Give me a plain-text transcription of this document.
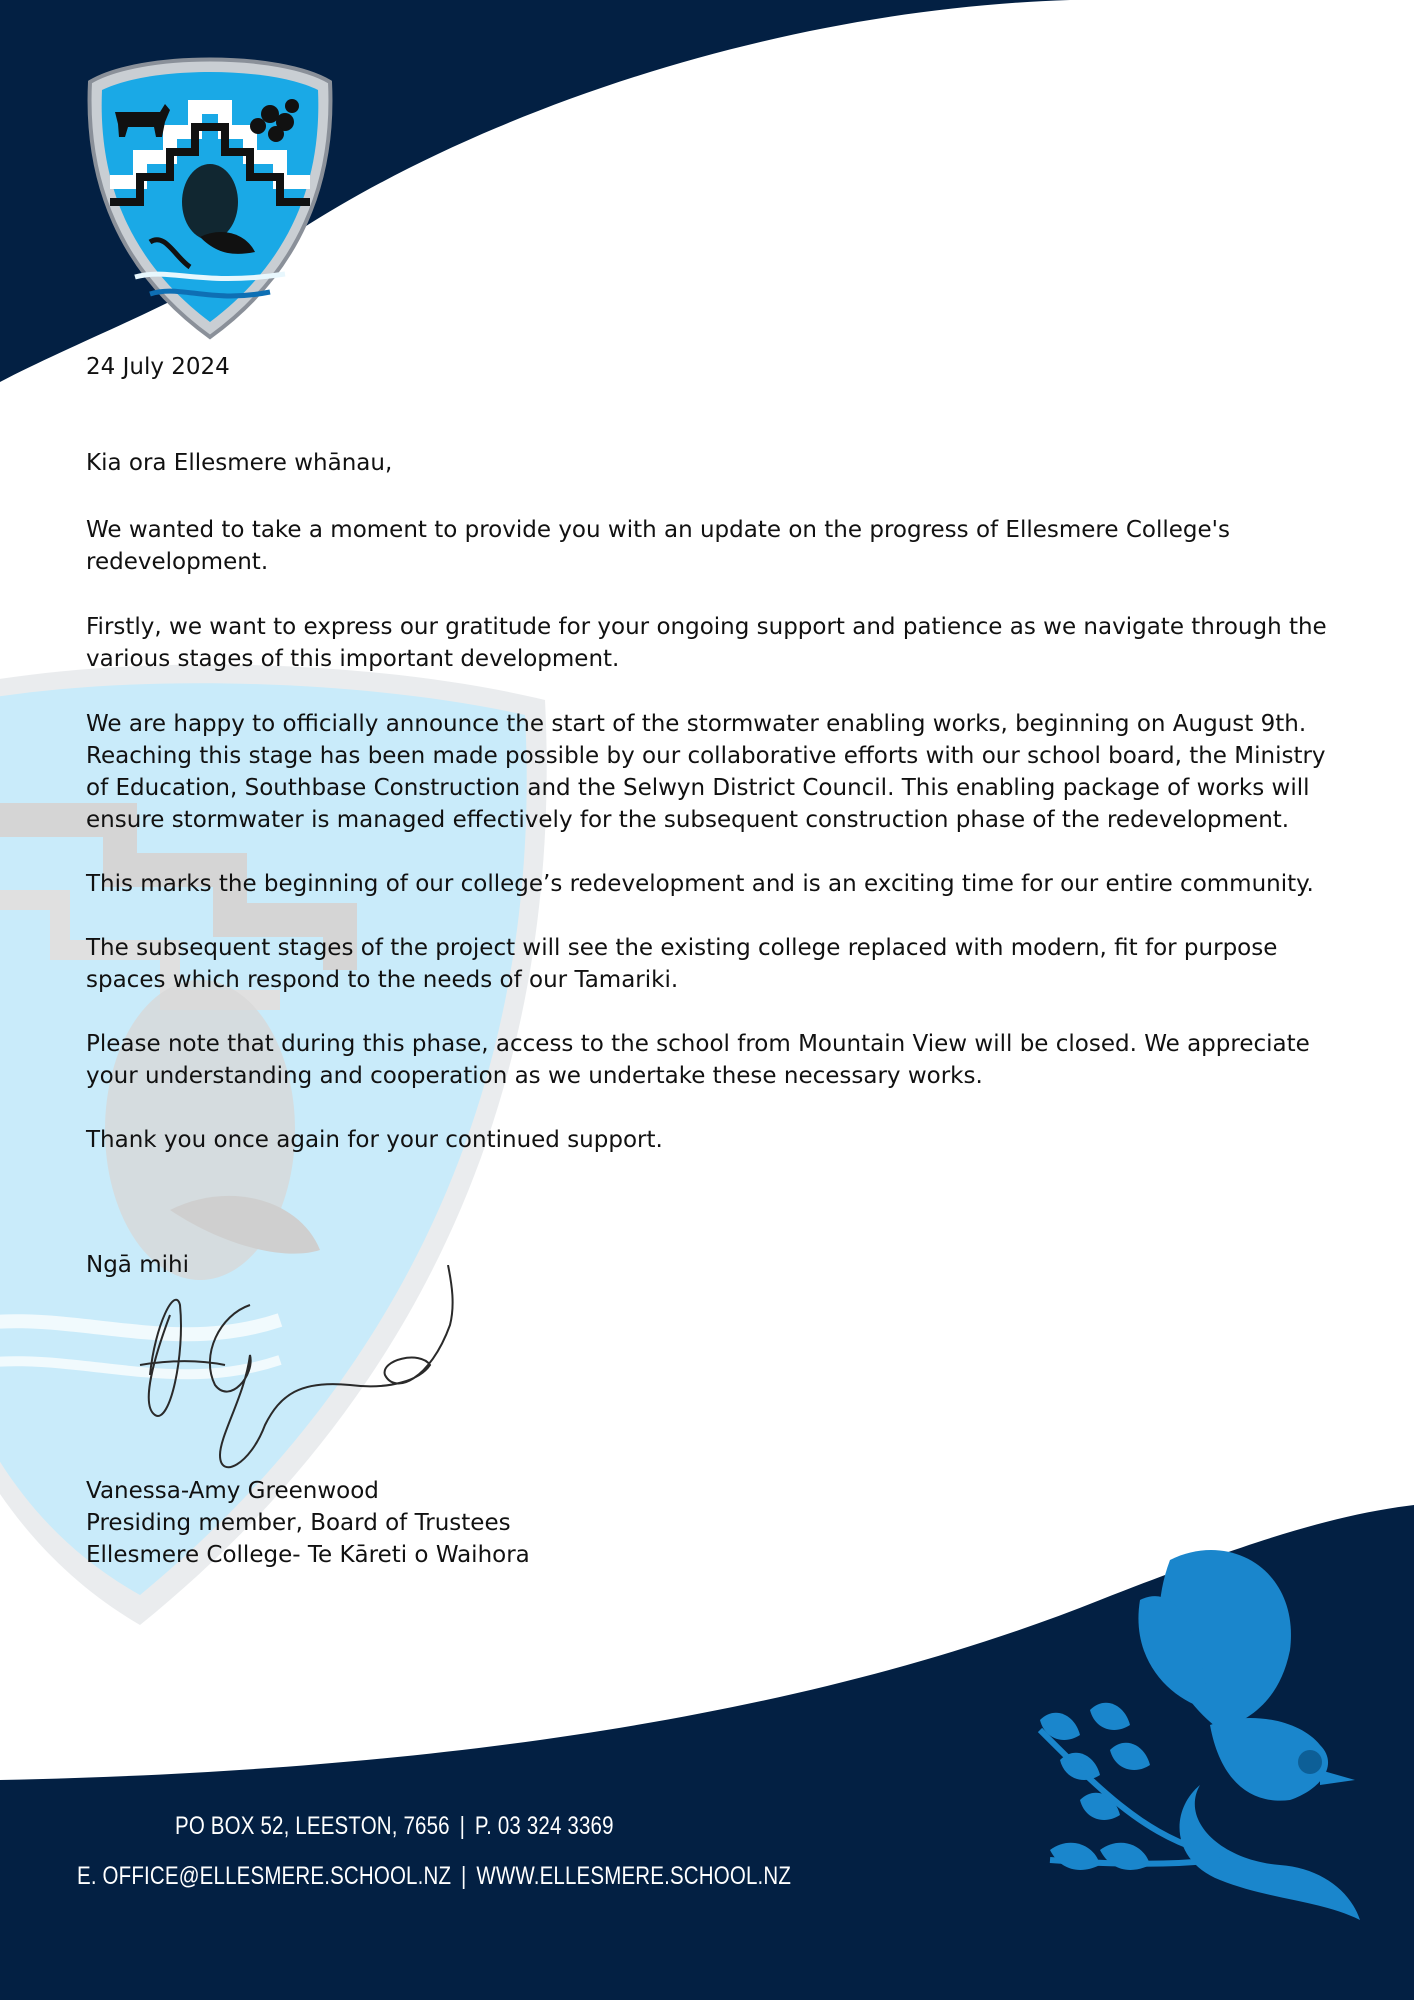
24 July 2024
Kia ora Ellesmere whānau,

We wanted to take a moment to provide you with an update on the progress of Ellesmere College's redevelopment.

Firstly, we want to express our gratitude for your ongoing support and patience as we navigate through the various stages of this important development.

We are happy to officially announce the start of the stormwater enabling works, beginning on August 9th. Reaching this stage has been made possible by our collaborative efforts with our school board, the Ministry of Education, Southbase Construction and the Selwyn District Council. This enabling package of works will ensure stormwater is managed effectively for the subsequent construction phase of the redevelopment.

This marks the beginning of our college’s redevelopment and is an exciting time for our entire community.

The subsequent stages of the project will see the existing college replaced with modern, fit for purpose spaces which respond to the needs of our Tamariki.

Please note that during this phase, access to the school from Mountain View will be closed. We appreciate your understanding and cooperation as we undertake these necessary works.

Thank you once again for your continued support.

Ngā mihi
Vanessa-Amy Greenwood
Presiding member, Board of Trustees
Ellesmere College- Te Kāreti o Waihora
PO BOX 52, LEESTON, 7656 | P. 03 324 3369
E. OFFICE@ELLESMERE.SCHOOL.NZ | WWW.ELLESMERE.SCHOOL.NZ
